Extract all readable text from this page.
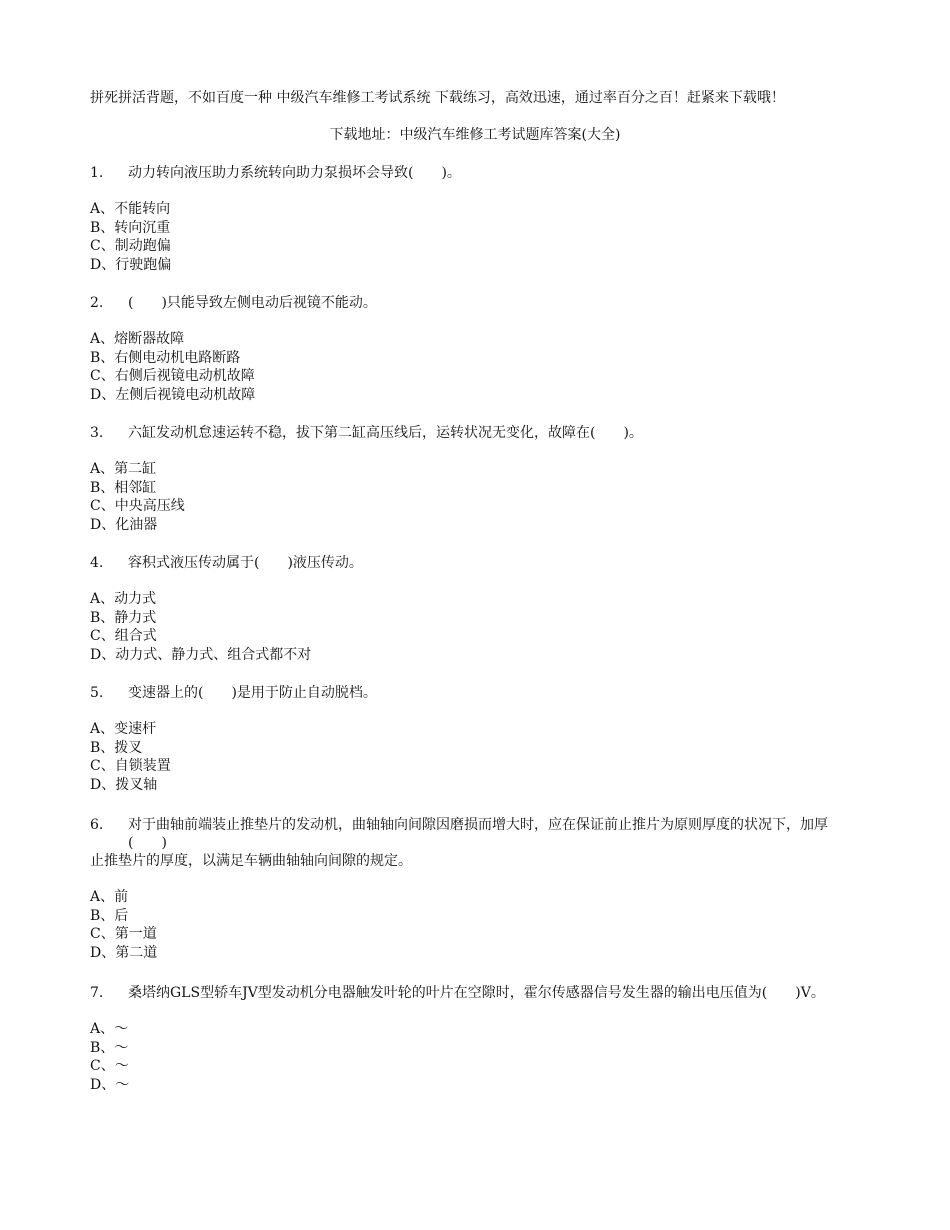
拼死拼活背题，不如百度一种 中级汽车维修工考试系统 下载练习，高效迅速，通过率百分之百！赶紧来下载哦！
下载地址：中级汽车维修工考试题库答案(大全)
1.	动力转向液压助力系统转向助力泵损坏会导致(　　)。
A、不能转向
B、转向沉重
C、制动跑偏
D、行驶跑偏
2.	(　　)只能导致左侧电动后视镜不能动。
A、熔断器故障
B、右侧电动机电路断路
C、右侧后视镜电动机故障
D、左侧后视镜电动机故障
3.	六缸发动机怠速运转不稳，拔下第二缸高压线后，运转状况无变化，故障在(　　)。
A、第二缸
B、相邻缸
C、中央高压线
D、化油器
4.	容积式液压传动属于(　　)液压传动。
A、动力式
B、静力式
C、组合式
D、动力式、静力式、组合式都不对
5.	变速器上的(　　)是用于防止自动脱档。
A、变速杆
B、拨叉
C、自锁装置
D、拨叉轴
6.	对于曲轴前端装止推垫片的发动机，曲轴轴向间隙因磨损而增大时，应在保证前止推片为原则厚度的状况下，加厚(　　)
止推垫片的厚度，以满足车辆曲轴轴向间隙的规定。
A、前
B、后
C、第一道
D、第二道
7.	桑塔纳GLS型轿车JV型发动机分电器触发叶轮的叶片在空隙时，霍尔传感器信号发生器的输出电压值为(　　)V。
A、～
B、～
C、～
D、～
